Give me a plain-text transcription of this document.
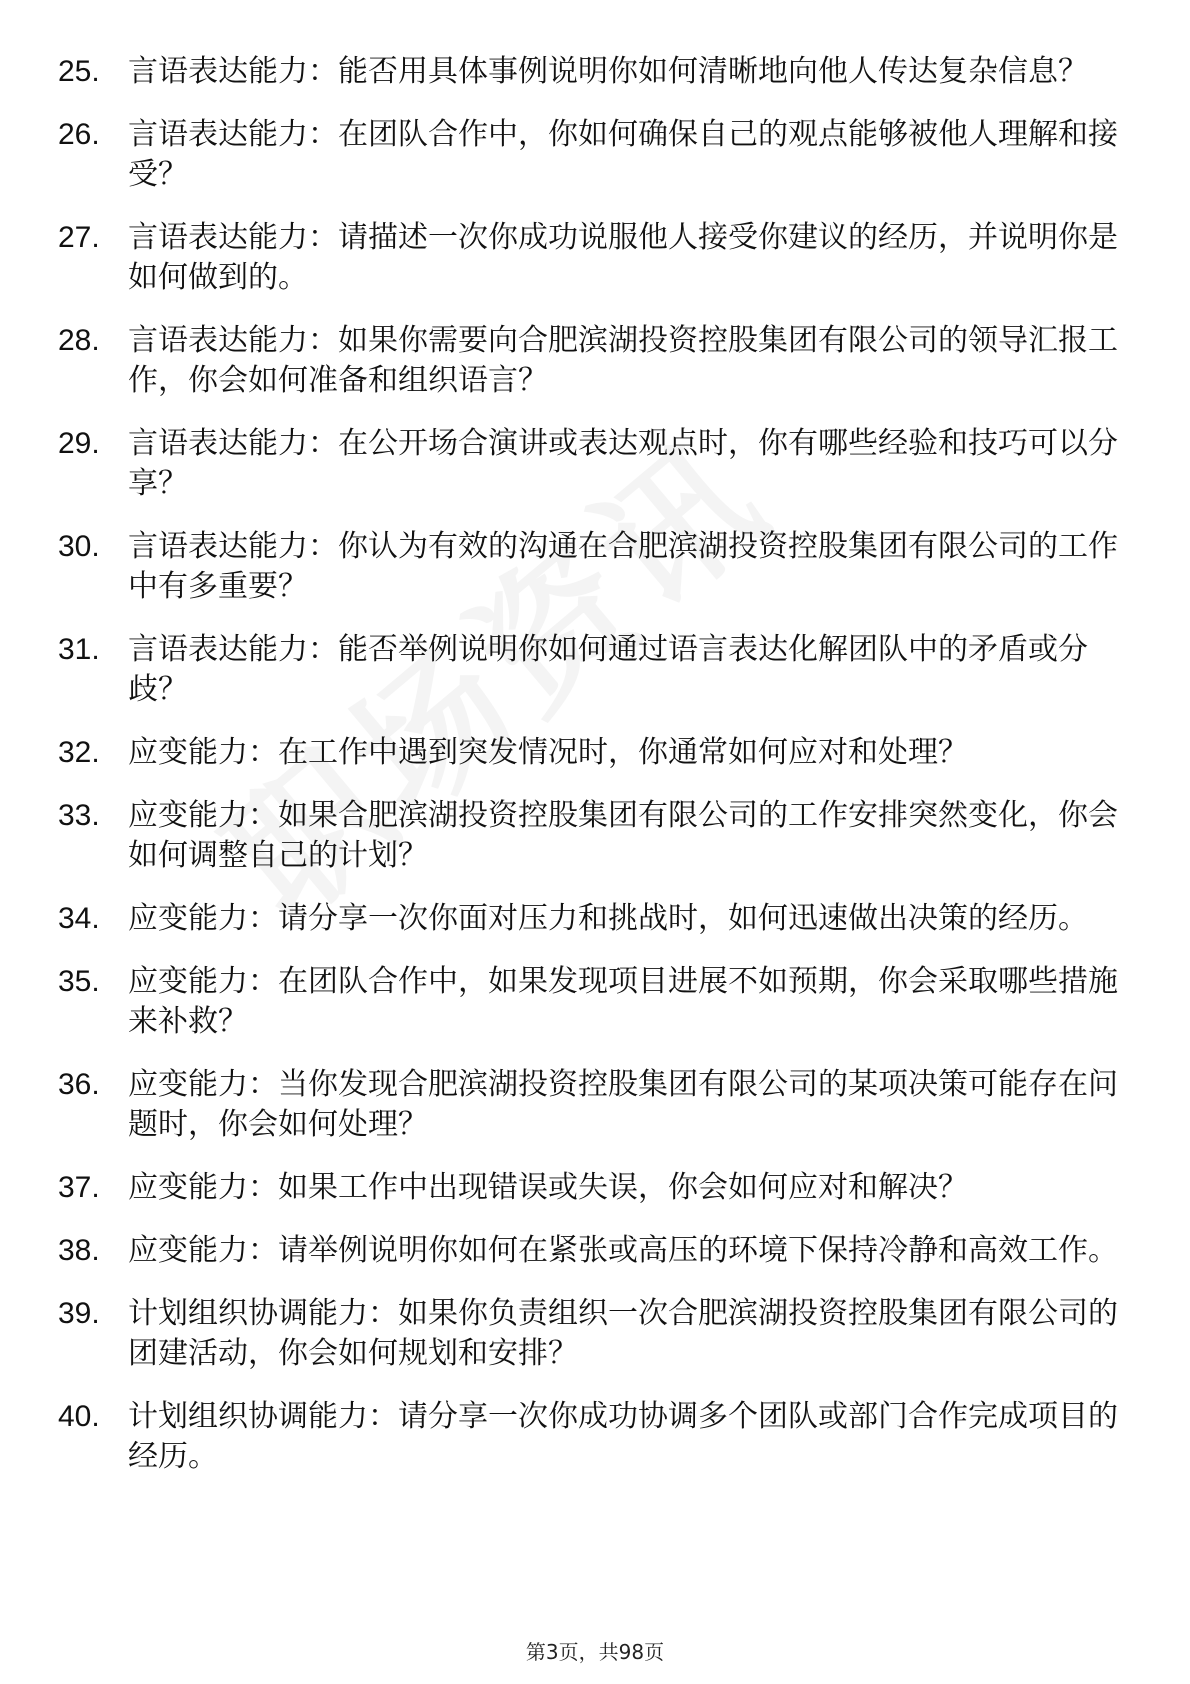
25. 言语表达能力：能否用具体事例说明你如何清晰地向他人传达复杂信息？
26. 言语表达能力：在团队合作中，你如何确保自己的观点能够被他人理解和接受？
27. 言语表达能力：请描述一次你成功说服他人接受你建议的经历，并说明你是如何做到的。
28. 言语表达能力：如果你需要向合肥滨湖投资控股集团有限公司的领导汇报工作，你会如何准备和组织语言？
29. 言语表达能力：在公开场合演讲或表达观点时，你有哪些经验和技巧可以分享？
30. 言语表达能力：你认为有效的沟通在合肥滨湖投资控股集团有限公司的工作中有多重要？
31. 言语表达能力：能否举例说明你如何通过语言表达化解团队中的矛盾或分歧？
32. 应变能力：在工作中遇到突发情况时，你通常如何应对和处理？
33. 应变能力：如果合肥滨湖投资控股集团有限公司的工作安排突然变化，你会如何调整自己的计划？
34. 应变能力：请分享一次你面对压力和挑战时，如何迅速做出决策的经历。
35. 应变能力：在团队合作中，如果发现项目进展不如预期，你会采取哪些措施来补救？
36. 应变能力：当你发现合肥滨湖投资控股集团有限公司的某项决策可能存在问题时，你会如何处理？
37. 应变能力：如果工作中出现错误或失误，你会如何应对和解决？
38. 应变能力：请举例说明你如何在紧张或高压的环境下保持冷静和高效工作。
39. 计划组织协调能力：如果你负责组织一次合肥滨湖投资控股集团有限公司的团建活动，你会如何规划和安排？
40. 计划组织协调能力：请分享一次你成功协调多个团队或部门合作完成项目的经历。
第3页，共98页
